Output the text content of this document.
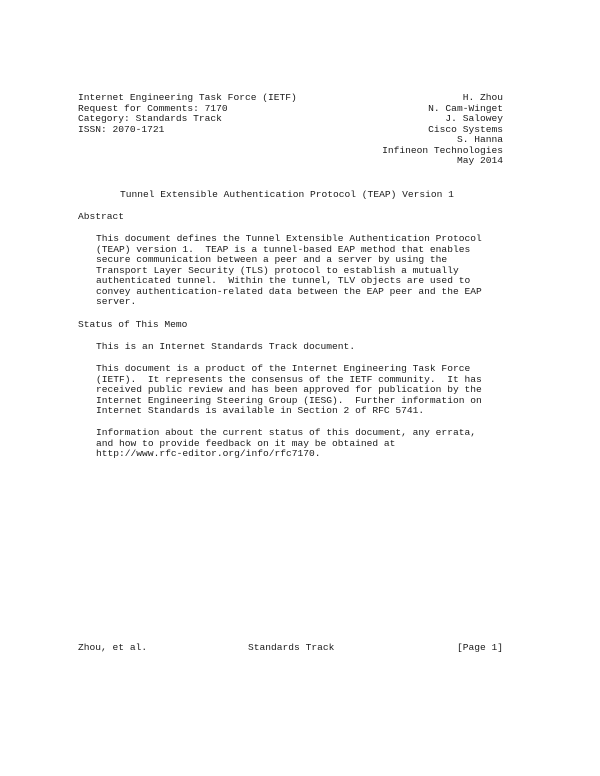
Internet Engineering Task Force (IETF)
Request for Comments: 7170
Category: Standards Track
ISSN: 2070-1721
H. Zhou
N. Cam-Winget
J. Salowey
Cisco Systems
S. Hanna
Infineon Technologies
May 2014
Tunnel Extensible Authentication Protocol (TEAP) Version 1
Abstract
This document defines the Tunnel Extensible Authentication Protocol
(TEAP) version 1.  TEAP is a tunnel-based EAP method that enables
secure communication between a peer and a server by using the
Transport Layer Security (TLS) protocol to establish a mutually
authenticated tunnel.  Within the tunnel, TLV objects are used to
convey authentication-related data between the EAP peer and the EAP
server.
Status of This Memo
This is an Internet Standards Track document.
This document is a product of the Internet Engineering Task Force
(IETF).  It represents the consensus of the IETF community.  It has
received public review and has been approved for publication by the
Internet Engineering Steering Group (IESG).  Further information on
Internet Standards is available in Section 2 of RFC 5741.
Information about the current status of this document, any errata,
and how to provide feedback on it may be obtained at
http://www.rfc-editor.org/info/rfc7170.
Zhou, et al.	Standards Track	[Page 1]
